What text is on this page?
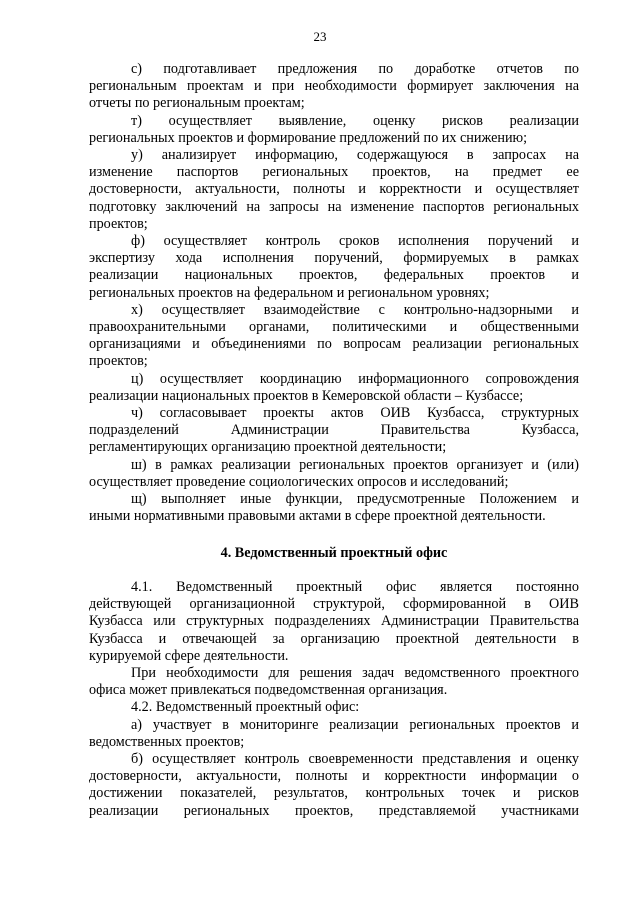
23
с) подготавливает предложения по доработке отчетов по
региональным проектам и при необходимости формирует заключения на
отчеты по региональным проектам;
т) осуществляет выявление, оценку рисков реализации
региональных проектов и формирование предложений по их снижению;
у) анализирует информацию, содержащуюся в запросах на
изменение паспортов региональных проектов, на предмет ее
достоверности, актуальности, полноты и корректности и осуществляет
подготовку заключений на запросы на изменение паспортов региональных
проектов;
ф) осуществляет контроль сроков исполнения поручений и
экспертизу хода исполнения поручений, формируемых в рамках
реализации национальных проектов, федеральных проектов и
региональных проектов на федеральном и региональном уровнях;
х) осуществляет взаимодействие с контрольно-надзорными и
правоохранительными органами, политическими и общественными
организациями и объединениями по вопросам реализации региональных
проектов;
ц) осуществляет координацию информационного сопровождения
реализации национальных проектов в Кемеровской области – Кузбассе;
ч) согласовывает проекты актов ОИВ Кузбасса, структурных
подразделений Администрации Правительства Кузбасса,
регламентирующих организацию проектной деятельности;
ш) в рамках реализации региональных проектов организует и (или)
осуществляет проведение социологических опросов и исследований;
щ) выполняет иные функции, предусмотренные Положением и
иными нормативными правовыми актами в сфере проектной деятельности.
4. Ведомственный проектный офис
4.1. Ведомственный проектный офис является постоянно
действующей организационной структурой, сформированной в ОИВ
Кузбасса или структурных подразделениях Администрации Правительства
Кузбасса и отвечающей за организацию проектной деятельности в
курируемой сфере деятельности.
При необходимости для решения задач ведомственного проектного
офиса может привлекаться подведомственная организация.
4.2. Ведомственный проектный офис:
а) участвует в мониторинге реализации региональных проектов и
ведомственных проектов;
б) осуществляет контроль своевременности представления и оценку
достоверности, актуальности, полноты и корректности информации о
достижении показателей, результатов, контрольных точек и рисков
реализации региональных проектов, представляемой участниками
